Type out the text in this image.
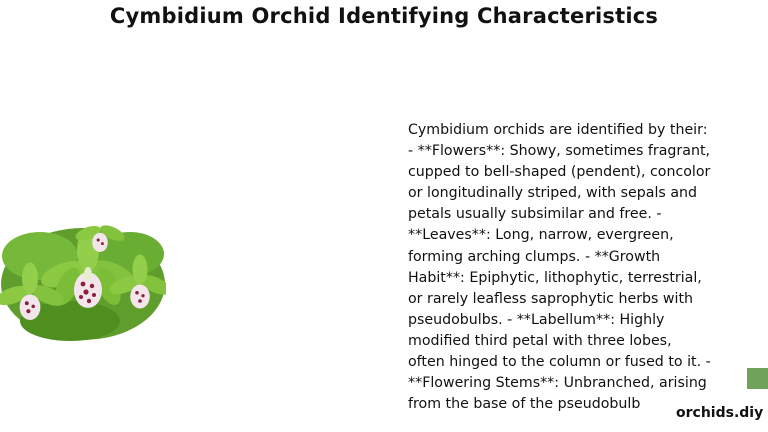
Cymbidium Orchid Identifying Characteristics
Cymbidium orchids are identified by their: - **Flowers**: Showy, sometimes fragrant, cupped to bell-shaped (pendent), concolor or longitudinally striped, with sepals and petals usually subsimilar and free. - **Leaves**: Long, narrow, evergreen, forming arching clumps. - **Growth Habit**: Epiphytic, lithophytic, terrestrial, or rarely leafless saprophytic herbs with pseudobulbs. - **Labellum**: Highly modified third petal with three lobes, often hinged to the column or fused to it. - **Flowering Stems**: Unbranched, arising from the base of the pseudobulb
orchids.diy
